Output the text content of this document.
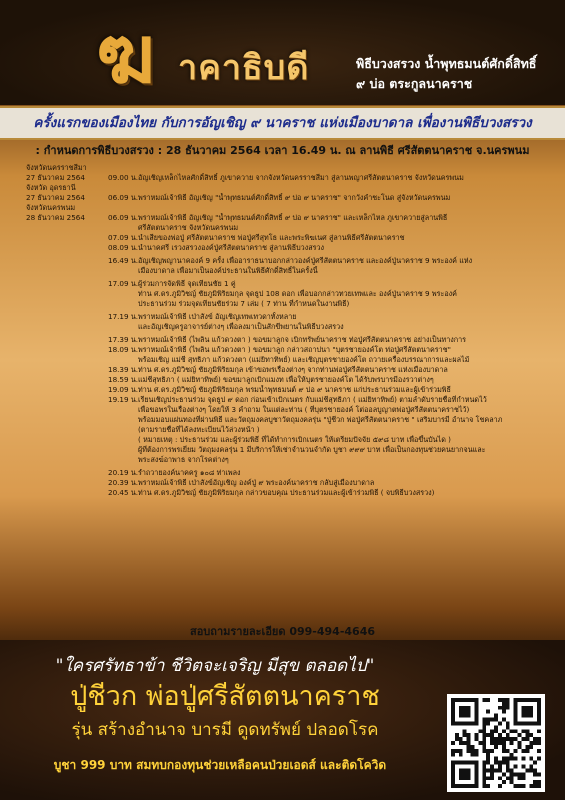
ฆ าคาธิบดี	พิธีบวงสรวง น้ำพุทธมนต์ศักดิ์สิทธิ์
๙ บ่อ ตระกูลนาคราช
ครั้งแรกของเมืองไทย กับการอัญเชิญ ๙ นาคราช แห่งเมืองบาดาล เพื่องานพิธีบวงสรวง
: กำหนดการพิธีบวงสรวง : 28 ธันวาคม 2564 เวลา 16.49 น. ณ ลานพิธี ศรีสัตตนาคราช จ.นครพนม
จังหวัดนครราชสีมา
27 ธันวาคม 2564	09.00 น. อัญเชิญเหล็กไหลศักดิ์สิทธิ์ ภูเขาควาย จากจังหวัดนครราชสีมา สู่ลานพญาศรีสัตตนาคราช จังหวัดนครพนม
จังหวัด อุดรธานี
27 ธันวาคม 2564	06.09 น. พราหมณ์เจ้าพิธี อัญเชิญ "น้ำพุทธมนต์ศักดิ์สิทธิ์ ๙ บ่อ ๙ นาคราช" จากวังคำชะโนด สู่จังหวัดนครพนม
จังหวัดนครพนม
28 ธันวาคม 2564	06.09 น. พราหมณ์เจ้าพิธี อัญเชิญ "น้ำพุทธมนต์ศักดิ์สิทธิ์ ๙ บ่อ ๙ นาคราช" และเหล็กไหล ภูเขาควายสู่ลานพิธี
ศรีสัตตนาคราช จังหวัดนครพนม
07.09 น. นำเสียของพ่อปู่ ศรีสัตตนาคราช พ่อปู่ศรีสุทโธ และพระพิฆเนศ สู่ลานพิธีศรีสัตตนาคราช
08.09 น. นำนาคศรี เรวงสรวงองค์ปู่ศรีสัตตนาคราช สู่ลานพิธีบวงสรวง
16.49 น. อัญเชิญพญานาคองค์ 9 ครั้ง เพื่ออาราธนาบอกกล่าวองค์ปู่ศรีสัตตนาคราช และองค์ปู่นาคราช 9 พระองค์ แห่ง
เมืองบาดาล เพื่อมาเป็นองค์ประธานในพิธีศักดิ์สิทธิ์ในครั้งนี้
17.09 น. ผู้ร่วมการจัดพิธี จุดเทียนชัย 1 คู่
ท่าน ศ.ดร.ภูมิวิชญ์ ชัยภูมิพิริยมกุล จุดธูป 108 ดอก เพื่อบอกกล่าวทวยเทพและ องค์ปู่นาคราช 9 พระองค์
ประธานร่วม ร่วมจุดเทียนชัยร่วม 7 เล่ม ( 7 ท่าน ที่กำหนดในงานพิธี)
17.19 น. พราหมณ์เจ้าพิธี เป่าสังข์ อัญเชิญเทพเทวดาทั้งหลาย
และอัญเชิญครูอาจารย์ต่างๆ เพื่อลงมาเป็นสักขีพยานในพิธีบวงสรวง
17.39 น. พราหมณ์เจ้าพิธี (ไพลิน แก้วดวงตา ) ขอขมาลูกจ เบิกทรัพย์นาคราช ท่อปู่ศรีสัตตนาคราช อย่างเป็นทางการ
18.09 น. พราหมณ์เจ้าพิธี (ไพลิน แก้วดวงตา ) ขอขมาลูก กล่าวสถาปนา "บุตรชายองค์โต ท่อปู่ศรีสัตตนาคราช"
พร้อมเชิญ แม่ชี สุทธิภา แก้วดวงตา (แม่ยิทาทิพย์) และเชิญบุตรชายองค์โต ถวายเครื่องบรรณาการและผลไม้
18.39 น. ท่าน ศ.ดร.ภูมิวิชญ์ ชัยภูมิพิริยมกุล เข้าขอพรเรื่องต่างๆ จากท่านพ่อปู่ศรีสัตตนาคราช แห่งเมืองบาดาล
18.59 น. แม่ชีสุทธิภา ( แม่ยิทาทิพย์) ขอขมาลูกเบิกแมงท เพื่อให้บุตรชายองค์โต ได้รับพรบารมีองรวาต่างๆ
19.09 น. ท่าน ศ.ดร.ภูมิวิชญ์ ชัยภูมิพิริยมกุล พรมน้ำพุทธมนต์ ๙ บ่อ ๙ นาคราช แก่ประธานร่วมและผู้เข้าร่วมพิธี
19.19 น. เรียนเชิญประธานร่วม จุดธูป ๙ ดอก ก่อนเข้าเบิกเนตร กับแม่ชีสุทธิภา ( แม่ยิทาทิพย์) ตามลำดับรายชื่อที่กำหนดไว้
เพื่อขอพรในเรื่องต่างๆ โดยให้ 3 คำถาม ในแต่ละท่าน ( ที่บุตรชายองค์ โต่ออลบูญาตพ่อปู่ศรีสัตตนาคราชไว้)
พร้อมมอบแผ่นทองที่ผ่านพิธี และวัตถุมงคลบูชาวัตถุมงคลรุ่น "ปู่ชีวก พ่อปู่ศรีสัตตนาคราช " เสริมบารมี อำนาจ โชคลาภ
(ตามรายชื่อที่ได้ลงทะเบียนไว้ล่วงหน้า )
( หมายเหตุ : ประธานร่วม และผู้ร่วมพิธี ที่ได้ทำการเบิกเนตร ให้เตรียมปัจจัย ๕๙๘ บาท เพื่อขึ้นบันได )
ผู้ที่ต้องการพรเยี่ยม วัตถุมงคลรุ่น 1 มีบริการให้เช่าจำนวนจำกัด บูชา ๙๙๙ บาท เพื่อเป็นกองทุนช่วยคนยากจนและ
พระสงฆ์อาพาธ จากโรคต่างๆ
20.19 น. รำถวายองค์นาคครู ๑๐๘ ท่าเพลง
20.39 น. พราหมณ์เจ้าพิธี เป่าสังข์อัญเชิญ องค์ปู่ ๙ พระองค์นาคราช กลับสู่เมืองบาดาล
20.45 น. ท่าน ศ.ดร.ภูมิวิชญ์ ชัยภูมิพิริยมกุล กล่าวขอบคุณ ประธานร่วมและผู้เข้าร่วมพิธี ( จบพิธีบวงสรวง)
สอบถามรายละเอียด 099-494-4646
"ใครศรัทธาข้า ชีวิตจะเจริญ มีสุข ตลอดไป"
ปู่ชีวก พ่อปู่ศรีสัตตนาคราช
รุ่น สร้างอำนาจ บารมี ดูดทรัพย์ ปลอดโรค
บูชา 999 บาท สมทบกองทุนช่วยเหลือคนป่วยเอดส์ และติดโควิด
